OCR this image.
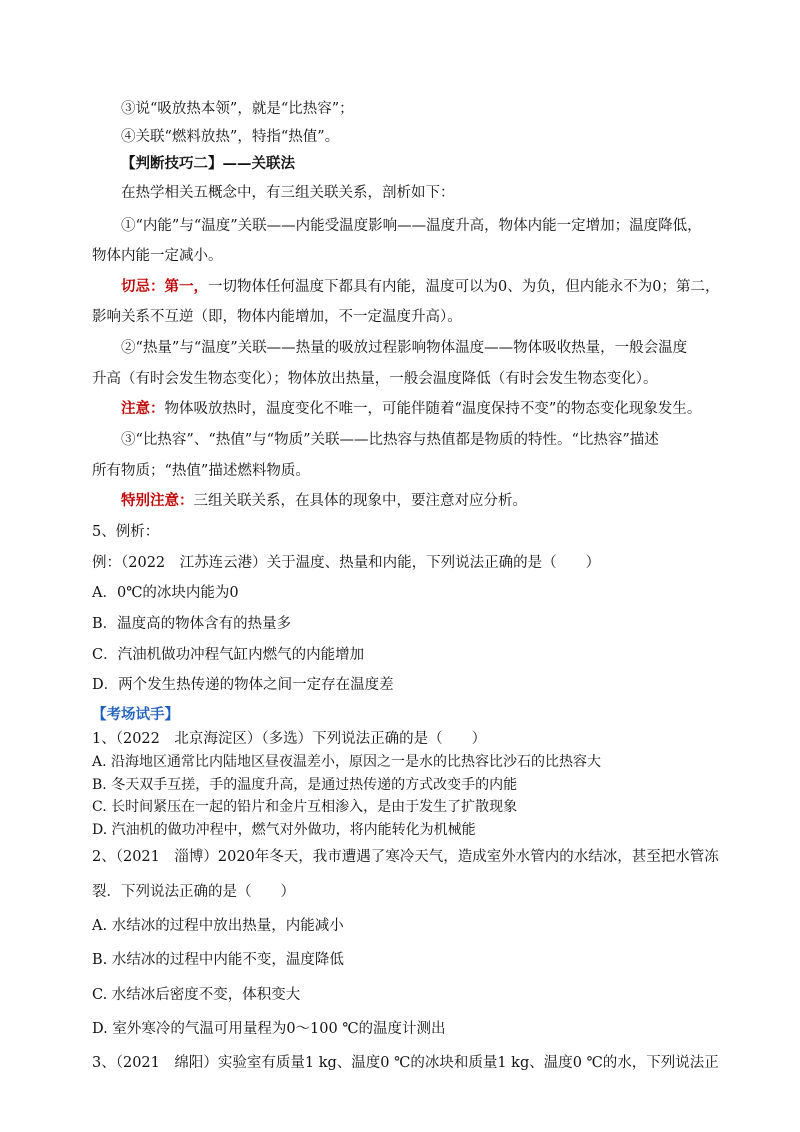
③说“吸放热本领”，就是“比热容”；
④关联“燃料放热”，特指“热值”。
【判断技巧二】——关联法
在热学相关五概念中，有三组关联关系，剖析如下：
①“内能”与“温度”关联——内能受温度影响——温度升高，物体内能一定增加；温度降低，
物体内能一定减小。
切忌：第一，一切物体任何温度下都具有内能，温度可以为0、为负，但内能永不为0；第二，
影响关系不互逆（即，物体内能增加，不一定温度升高）。
②“热量”与“温度”关联——热量的吸放过程影响物体温度——物体吸收热量，一般会温度
升高（有时会发生物态变化）；物体放出热量，一般会温度降低（有时会发生物态变化）。
注意：物体吸放热时，温度变化不唯一，可能伴随着“温度保持不变”的物态变化现象发生。
③“比热容”、“热值”与“物质”关联——比热容与热值都是物质的特性。“比热容”描述
所有物质；“热值”描述燃料物质。
特别注意：三组关联关系，在具体的现象中，要注意对应分析。
5、例析：
例：（2022　江苏连云港）关于温度、热量和内能，下列说法正确的是（　　）
A．0℃的冰块内能为0
B．温度高的物体含有的热量多
C．汽油机做功冲程气缸内燃气的内能增加
D．两个发生热传递的物体之间一定存在温度差
【考场试手】
1、（2022　北京海淀区）（多选）下列说法正确的是（　　）
A. 沿海地区通常比内陆地区昼夜温差小，原因之一是水的比热容比沙石的比热容大
B. 冬天双手互搓，手的温度升高，是通过热传递的方式改变手的内能
C. 长时间紧压在一起的铅片和金片互相渗入，是由于发生了扩散现象
D. 汽油机的做功冲程中，燃气对外做功，将内能转化为机械能
2、（2021　淄博）2020年冬天，我市遭遇了寒冷天气，造成室外水管内的水结冰，甚至把水管冻
裂．下列说法正确的是（　　）
A. 水结冰的过程中放出热量，内能减小
B. 水结冰的过程中内能不变，温度降低
C. 水结冰后密度不变，体积变大
D. 室外寒冷的气温可用量程为0～100 ℃的温度计测出
3、（2021　绵阳）实验室有质量1 kg、温度0 ℃的冰块和质量1 kg、温度0 ℃的水，下列说法正
